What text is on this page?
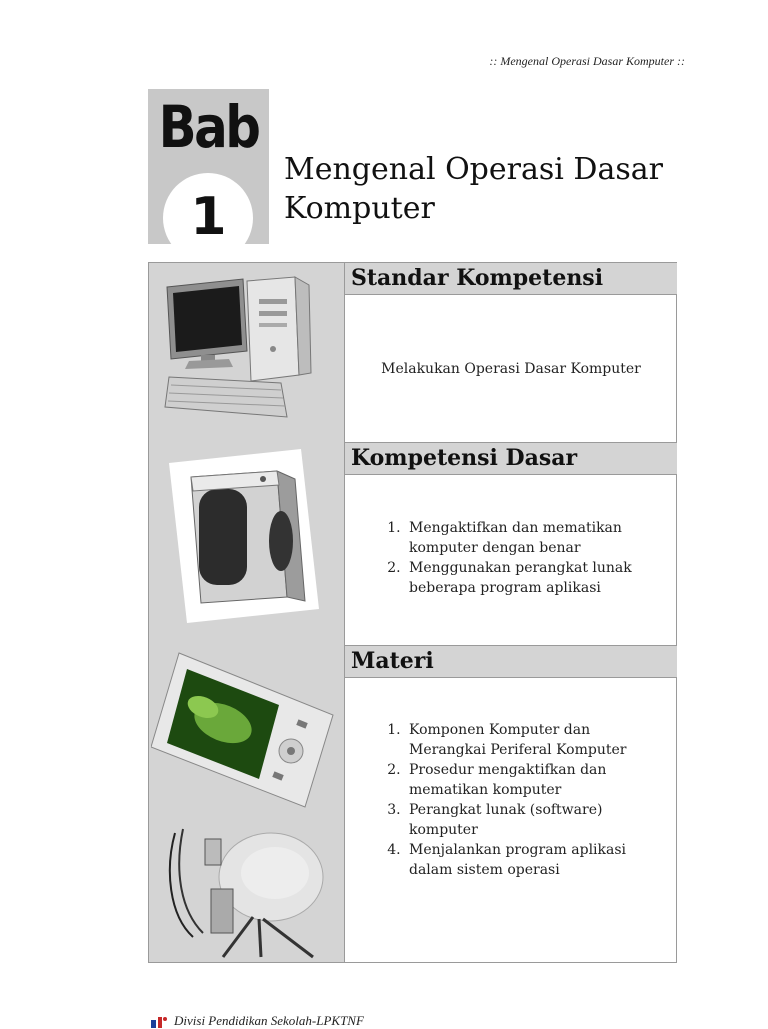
:: Mengenal Operasi Dasar Komputer ::
Bab
1
Mengenal Operasi Dasar
Komputer
Standar Kompetensi
Melakukan Operasi Dasar Komputer
Kompetensi Dasar
1. Mengaktifkan dan mematikan
komputer dengan benar
2. Menggunakan perangkat lunak
beberapa program aplikasi
Materi
1. Komponen Komputer dan
Merangkai Periferal Komputer
2. Prosedur mengaktifkan dan
mematikan komputer
3. Perangkat lunak (software)
komputer
4. Menjalankan program aplikasi
dalam sistem operasi
Divisi Pendidikan Sekolah-LPKTNF
